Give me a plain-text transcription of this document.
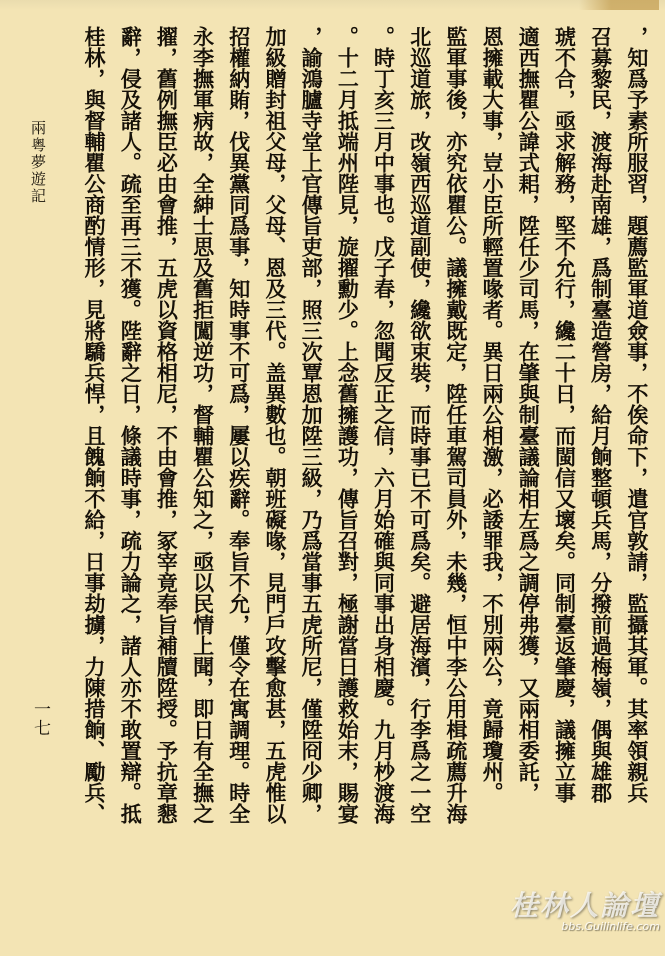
，知爲予素所服習，題薦監軍道僉事，不俟命下，遣官敦請，監攝其軍。其率領親兵
召募黎民，渡海赴南雄，爲制臺造營房，給月餉整頓兵馬，分撥前過梅嶺，偶與雄郡
琥不合，亟求解務，堅不允行，纔二十日，而閩信又壞矣。同制臺返肇慶，議擁立事
適西撫瞿公諱式耜，陞任少司馬，在肇與制臺議論相左爲之調停弗獲，又兩相委託，
恩擁載大事，豈小臣所輕置喙者。異日兩公相激，必諉罪我，不別兩公，竟歸瓊州。
監軍事後，亦究依瞿公。議擁戴既定，陞任車駕司員外，未幾，恒中李公用楫疏薦升海
北巡道旅，改嶺西巡道副使，纔欲束裝，而時事已不可爲矣。避居海濱，行李爲之一空
。時丁亥三月中事也。戊子春，忽聞反正之信，六月始確與同事出身相慶。九月杪渡海
。十二月抵端州陛見，旋擢勳少。上念舊擁護功，傳旨召對，極謝當日護救始末，賜宴
，諭鴻臚寺堂上官傳旨吏部，照三次覃恩加陞三級，乃爲當事五虎所尼，僅陞冏少卿，
加級贈封祖父母，父母、恩及三代。盖異數也。朝班礙喙，見門戶攻擊愈甚，五虎惟以
招權納賄，伐異黨同爲事，知時事不可爲，屢以疾辭。奉旨不允，僅令在寓調理。時全
永李撫軍病故，全紳士思及舊拒闖逆功，督輔瞿公知之，亟以民情上聞，即日有全撫之
擢，舊例撫臣必由會推，五虎以資格相尼，不由會推，冢宰竟奉旨補牘陞授。予抗章懇
辭，侵及諸人。疏至再三不獲。陛辭之日，條議時事，疏力論之，諸人亦不敢置辯。抵
桂林，與督輔瞿公商酌情形，見將驕兵悍，且餽餉不給，日事劫擄，力陳措餉、勵兵、
兩粵夢遊記
一七
桂林人論壇
bbs.Guilinlife.com
